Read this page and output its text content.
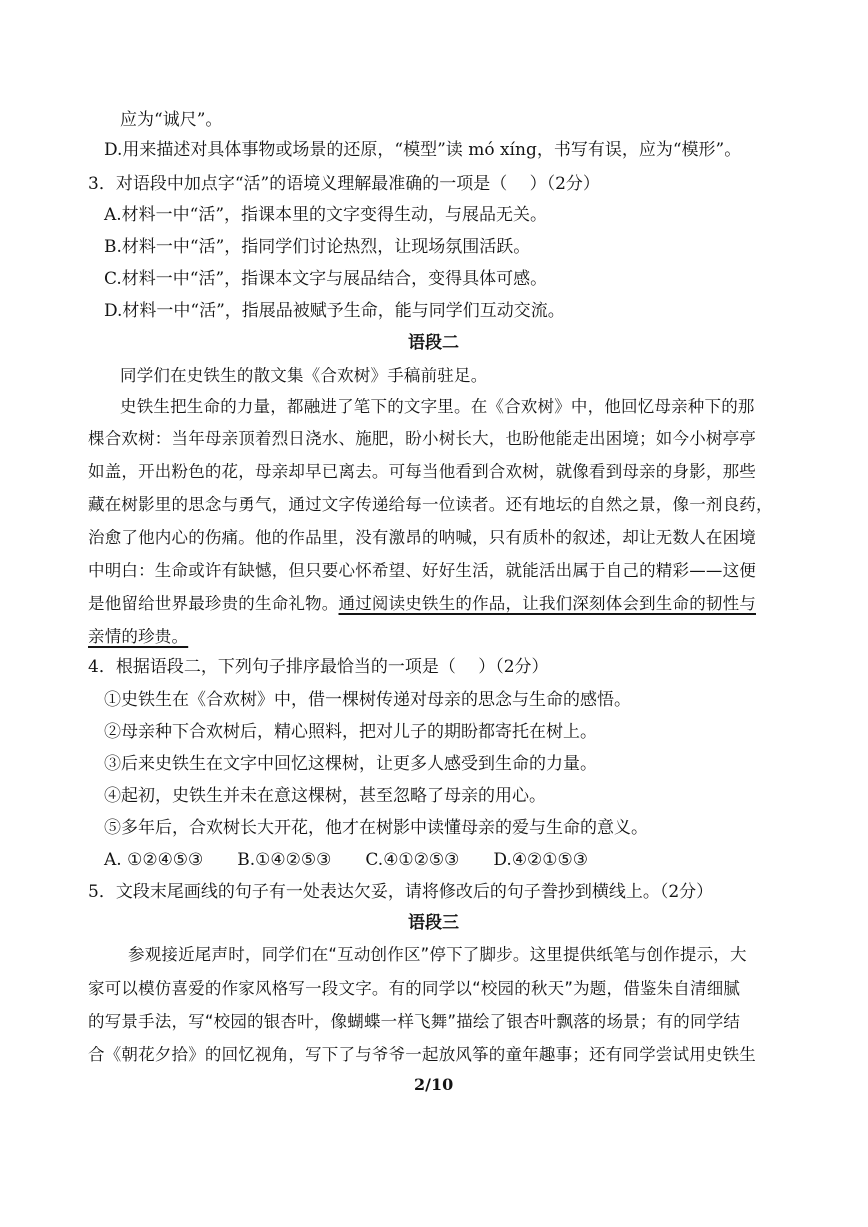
应为“诚尺”。
D.用来描述对具体事物或场景的还原，“模型”读 mó xíng，书写有误，应为“模形”。
3．对语段中加点字“活”的语境义理解最准确的一项是（　 ）（2分）
A.材料一中“活”，指课本里的文字变得生动，与展品无关。
B.材料一中“活”，指同学们讨论热烈，让现场氛围活跃。
C.材料一中“活”，指课本文字与展品结合，变得具体可感。
D.材料一中“活”，指展品被赋予生命，能与同学们互动交流。
语段二
同学们在史铁生的散文集《合欢树》手稿前驻足。
史铁生把生命的力量，都融进了笔下的文字里。在《合欢树》中，他回忆母亲种下的那
棵合欢树：当年母亲顶着烈日浇水、施肥，盼小树长大，也盼他能走出困境；如今小树亭亭
如盖，开出粉色的花，母亲却早已离去。可每当他看到合欢树，就像看到母亲的身影，那些
藏在树影里的思念与勇气，通过文字传递给每一位读者。还有地坛的自然之景，像一剂良药，
治愈了他内心的伤痛。他的作品里，没有激昂的呐喊，只有质朴的叙述，却让无数人在困境
中明白：生命或许有缺憾，但只要心怀希望、好好生活，就能活出属于自己的精彩——这便
是他留给世界最珍贵的生命礼物。通过阅读史铁生的作品，让我们深刻体会到生命的韧性与
亲情的珍贵。
4．根据语段二，下列句子排序最恰当的一项是（　 ）（2分）
①史铁生在《合欢树》中，借一棵树传递对母亲的思念与生命的感悟。
②母亲种下合欢树后，精心照料，把对儿子的期盼都寄托在树上。
③后来史铁生在文字中回忆这棵树，让更多人感受到生命的力量。
④起初，史铁生并未在意这棵树，甚至忽略了母亲的用心。
⑤多年后，合欢树长大开花，他才在树影中读懂母亲的爱与生命的意义。
A. ①②④⑤③　　B.①④②⑤③　　C.④①②⑤③　　D.④②①⑤③
5．文段末尾画线的句子有一处表达欠妥，请将修改后的句子誊抄到横线上。（2分）
语段三
参观接近尾声时，同学们在“互动创作区”停下了脚步。这里提供纸笔与创作提示，大
家可以模仿喜爱的作家风格写一段文字。有的同学以“校园的秋天”为题，借鉴朱自清细腻
的写景手法，写“校园的银杏叶，像蝴蝶一样飞舞”描绘了银杏叶飘落的场景；有的同学结
合《朝花夕拾》的回忆视角，写下了与爷爷一起放风筝的童年趣事；还有同学尝试用史铁生
2/10
